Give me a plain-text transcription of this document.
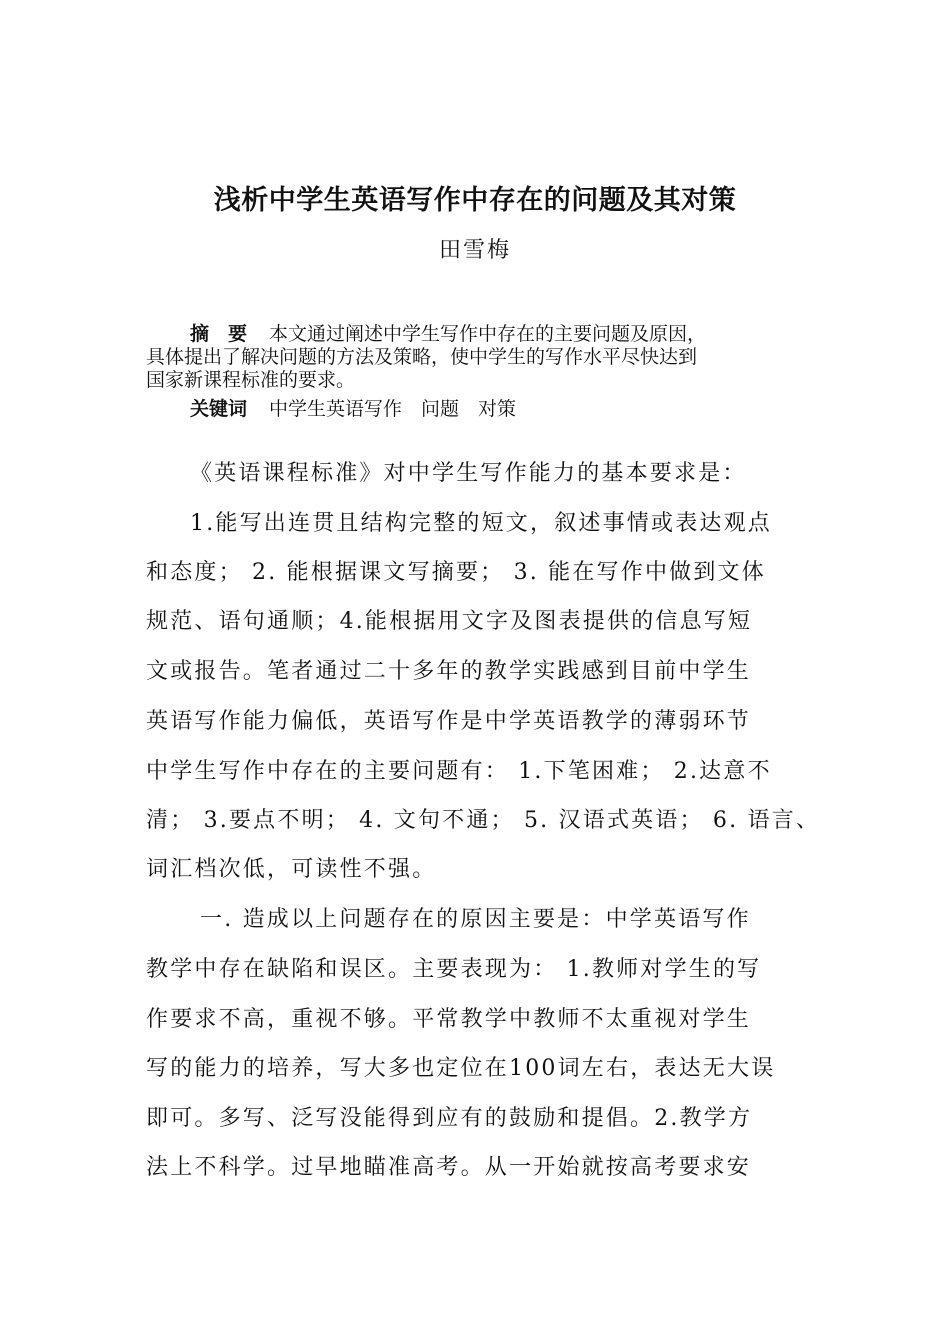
浅析中学生英语写作中存在的问题及其对策
田雪梅
摘　要 本文通过阐述中学生写作中存在的主要问题及原因，
具体提出了解决问题的方法及策略，使中学生的写作水平尽快达到
国家新课程标准的要求。
关键词 中学生英语写作　问题　对策
《英语课程标准》对中学生写作能力的基本要求是：
1.能写出连贯且结构完整的短文，叙述事情或表达观点
和态度； 2. 能根据课文写摘要； 3. 能在写作中做到文体
规范、语句通顺；4.能根据用文字及图表提供的信息写短
文或报告。笔者通过二十多年的教学实践感到目前中学生
英语写作能力偏低，英语写作是中学英语教学的薄弱环节
中学生写作中存在的主要问题有： 1.下笔困难； 2.达意不
清； 3.要点不明； 4. 文句不通； 5. 汉语式英语； 6. 语言、
词汇档次低，可读性不强。
一. 造成以上问题存在的原因主要是：中学英语写作
教学中存在缺陷和误区。主要表现为： 1.教师对学生的写
作要求不高，重视不够。平常教学中教师不太重视对学生
写的能力的培养，写大多也定位在100词左右，表达无大误
即可。多写、泛写没能得到应有的鼓励和提倡。2.教学方
法上不科学。过早地瞄准高考。从一开始就按高考要求安
